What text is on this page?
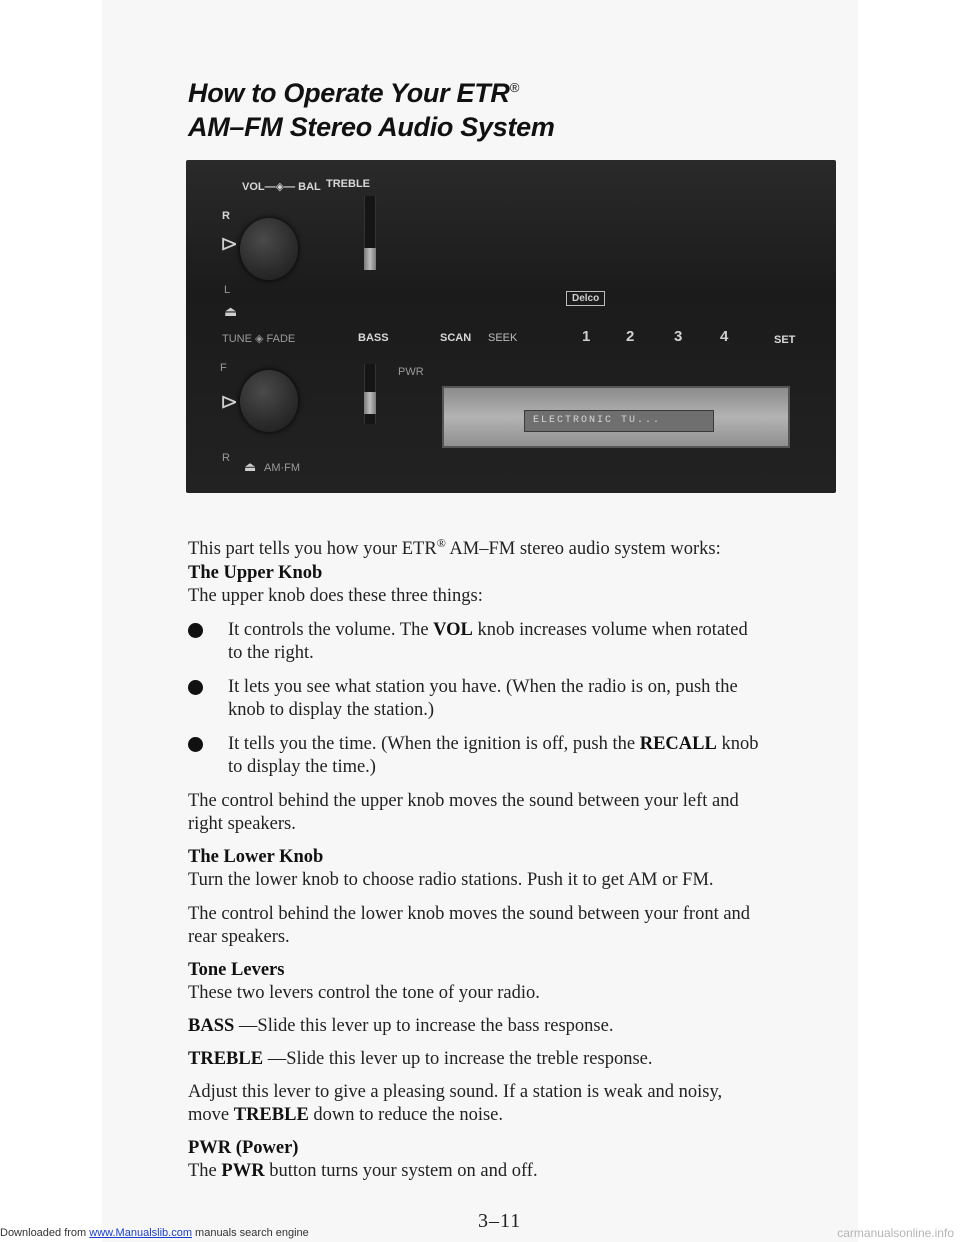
How to Operate Your ETR®
AM–FM Stereo Audio System
VOL—◈— BAL TREBLE
R
⊳
L
⏏
TUNE ◈ FADE	BASS	SCAN SEEK	1 2	3	4	SET
Delco
F
⊳
R
⏏ AM·FM
PWR
ELECTRONIC TU...
This part tells you how your ETR® AM–FM stereo audio system works:
The Upper Knob
The upper knob does these three things:
It controls the volume. The VOL knob increases volume when rotated
to the right.
It lets you see what station you have. (When the radio is on, push the
knob to display the station.)
It tells you the time. (When the ignition is off, push the RECALL knob
to display the time.)
The control behind the upper knob moves the sound between your left and
right speakers.
The Lower Knob
Turn the lower knob to choose radio stations. Push it to get AM or FM.
The control behind the lower knob moves the sound between your front and
rear speakers.
Tone Levers
These two levers control the tone of your radio.
BASS —Slide this lever up to increase the bass response.
TREBLE —Slide this lever up to increase the treble response.
Adjust this lever to give a pleasing sound. If a station is weak and noisy,
move TREBLE down to reduce the noise.
PWR (Power)
The PWR button turns your system on and off.
3–11
Downloaded from www.Manualslib.com manuals search engine	carmanualsonline.info
